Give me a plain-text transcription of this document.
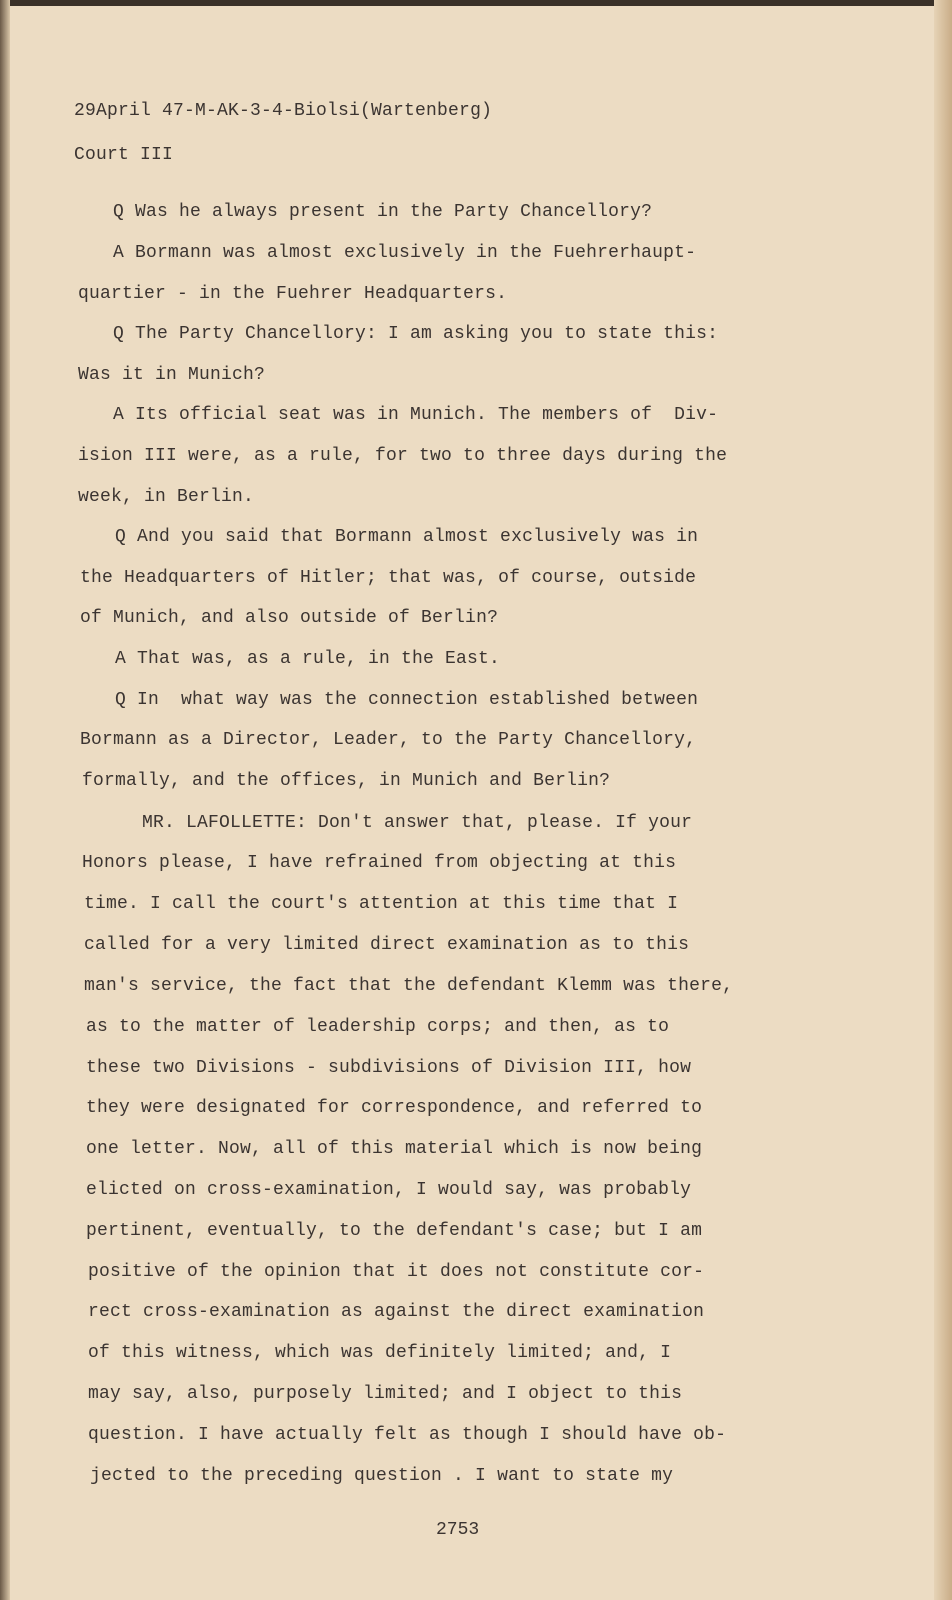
29April 47-M-AK-3-4-Biolsi(Wartenberg)

Court III

Q Was he always present in the Party Chancellory?

A Bormann was almost exclusively in the Fuehrerhaupt-

quartier - in the Fuehrer Headquarters.

Q The Party Chancellory: I am asking you to state this:

Was it in Munich?

A Its official seat was in Munich. The members of  Div-

ision III were, as a rule, for two to three days during the

week, in Berlin.

Q And you said that Bormann almost exclusively was in

the Headquarters of Hitler; that was, of course, outside

of Munich, and also outside of Berlin?

A That was, as a rule, in the East.

Q In  what way was the connection established between

Bormann as a Director, Leader, to the Party Chancellory,

formally, and the offices, in Munich and Berlin?

MR. LAFOLLETTE: Don't answer that, please. If your

Honors please, I have refrained from objecting at this

time. I call the court's attention at this time that I

called for a very limited direct examination as to this

man's service, the fact that the defendant Klemm was there,

as to the matter of leadership corps; and then, as to

these two Divisions - subdivisions of Division III, how

they were designated for correspondence, and referred to

one letter. Now, all of this material which is now being

elicted on cross-examination, I would say, was probably

pertinent, eventually, to the defendant's case; but I am

positive of the opinion that it does not constitute cor-

rect cross-examination as against the direct examination

of this witness, which was definitely limited; and, I

may say, also, purposely limited; and I object to this

question. I have actually felt as though I should have ob-

jected to the preceding question . I want to state my

2753
